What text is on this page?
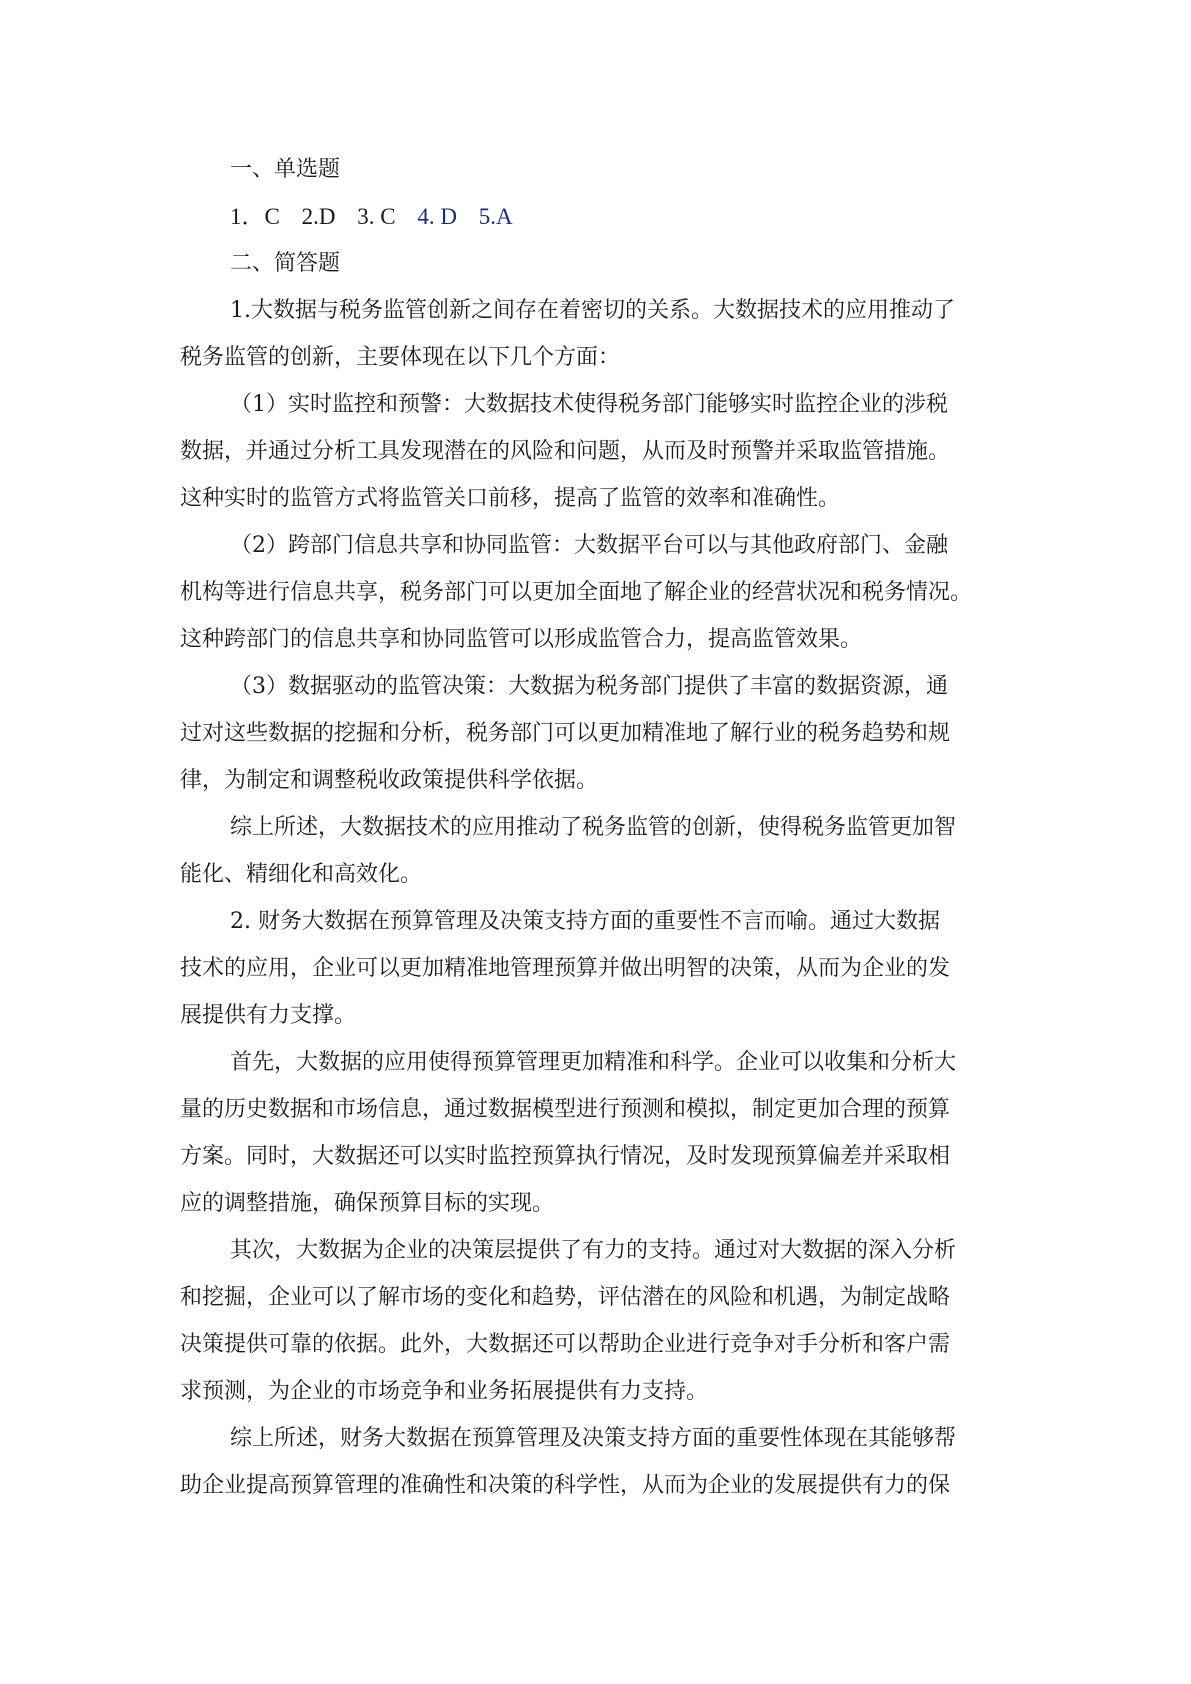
一、单选题
1．C 2.D 3. C 4. D 5.A
二、简答题
1.大数据与税务监管创新之间存在着密切的关系。大数据技术的应用推动了
税务监管的创新，主要体现在以下几个方面：
（1）实时监控和预警：大数据技术使得税务部门能够实时监控企业的涉税
数据，并通过分析工具发现潜在的风险和问题，从而及时预警并采取监管措施。
这种实时的监管方式将监管关口前移，提高了监管的效率和准确性。
（2）跨部门信息共享和协同监管：大数据平台可以与其他政府部门、金融
机构等进行信息共享，税务部门可以更加全面地了解企业的经营状况和税务情况。
这种跨部门的信息共享和协同监管可以形成监管合力，提高监管效果。
（3）数据驱动的监管决策：大数据为税务部门提供了丰富的数据资源，通
过对这些数据的挖掘和分析，税务部门可以更加精准地了解行业的税务趋势和规
律，为制定和调整税收政策提供科学依据。
综上所述，大数据技术的应用推动了税务监管的创新，使得税务监管更加智
能化、精细化和高效化。
2. 财务大数据在预算管理及决策支持方面的重要性不言而喻。通过大数据
技术的应用，企业可以更加精准地管理预算并做出明智的决策，从而为企业的发
展提供有力支撑。
首先，大数据的应用使得预算管理更加精准和科学。企业可以收集和分析大
量的历史数据和市场信息，通过数据模型进行预测和模拟，制定更加合理的预算
方案。同时，大数据还可以实时监控预算执行情况，及时发现预算偏差并采取相
应的调整措施，确保预算目标的实现。
其次，大数据为企业的决策层提供了有力的支持。通过对大数据的深入分析
和挖掘，企业可以了解市场的变化和趋势，评估潜在的风险和机遇，为制定战略
决策提供可靠的依据。此外，大数据还可以帮助企业进行竞争对手分析和客户需
求预测，为企业的市场竞争和业务拓展提供有力支持。
综上所述，财务大数据在预算管理及决策支持方面的重要性体现在其能够帮
助企业提高预算管理的准确性和决策的科学性，从而为企业的发展提供有力的保
